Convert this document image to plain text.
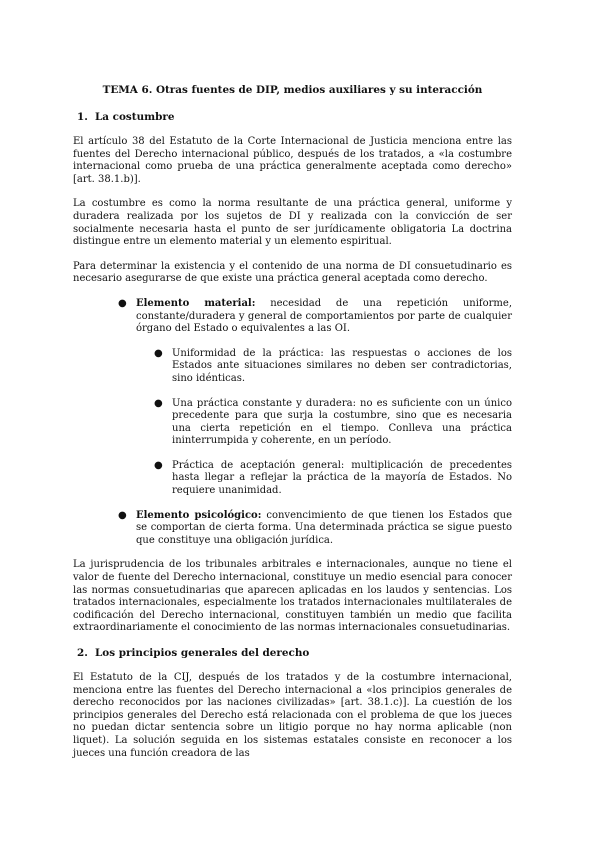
TEMA 6. Otras fuentes de DIP, medios auxiliares y su interacción
1. La costumbre

El artículo 38 del Estatuto de la Corte Internacional de Justicia menciona entre las fuentes del Derecho internacional público, después de los tratados, a «la costumbre internacional como prueba de una práctica generalmente aceptada como derecho» [art. 38.1.b)].

La costumbre es como la norma resultante de una práctica general, uniforme y duradera realizada por los sujetos de DI y realizada con la convicción de ser socialmente necesaria hasta el punto de ser jurídicamente obligatoria La doctrina distingue entre un elemento material y un elemento espiritual.

Para determinar la existencia y el contenido de una norma de DI consuetudinario es necesario asegurarse de que existe una práctica general aceptada como derecho.

● Elemento material: necesidad de una repetición uniforme, constante/duradera y general de comportamientos por parte de cualquier órgano del Estado o equivalentes a las OI.
● Uniformidad de la práctica: las respuestas o acciones de los Estados ante situaciones similares no deben ser contradictorias, sino idénticas.
● Una práctica constante y duradera: no es suficiente con un único precedente para que surja la costumbre, sino que es necesaria una cierta repetición en el tiempo. Conlleva una práctica ininterrumpida y coherente, en un período.
● Práctica de aceptación general: multiplicación de precedentes hasta llegar a reflejar la práctica de la mayoría de Estados. No requiere unanimidad.
● Elemento psicológico: convencimiento de que tienen los Estados que se comportan de cierta forma. Una determinada práctica se sigue puesto que constituye una obligación jurídica.

La jurisprudencia de los tribunales arbitrales e internacionales, aunque no tiene el valor de fuente del Derecho internacional, constituye un medio esencial para conocer las normas consuetudinarias que aparecen aplicadas en los laudos y sentencias. Los tratados internacionales, especialmente los tratados internacionales multilaterales de codificación del Derecho internacional, constituyen también un medio que facilita extraordinariamente el conocimiento de las normas internacionales consuetudinarias.

2. Los principios generales del derecho

El Estatuto de la CIJ, después de los tratados y de la costumbre internacional, menciona entre las fuentes del Derecho internacional a «los principios generales de derecho reconocidos por las naciones civilizadas» [art. 38.1.c)]. La cuestión de los principios generales del Derecho está relacionada con el problema de que los jueces no puedan dictar sentencia sobre un litigio porque no hay norma aplicable (non liquet). La solución seguida en los sistemas estatales consiste en reconocer a los jueces una función creadora de las
